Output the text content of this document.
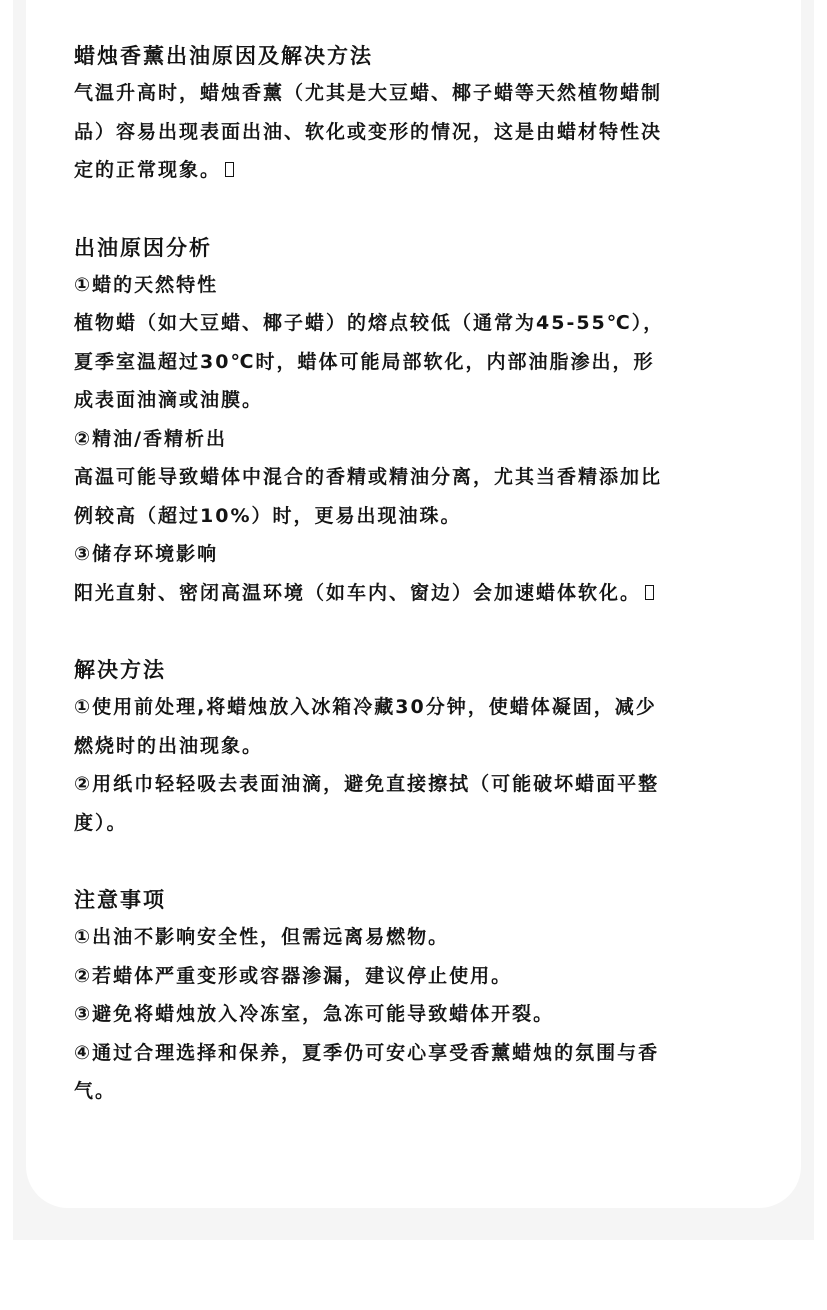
蜡烛香薰出油原因及解决方法
气温升高时，蜡烛香薰（尤其是大豆蜡、椰子蜡等天然植物蜡制
品）容易出现表面出油、软化或变形的情况，这是由蜡材特性决
定的正常现象。
出油原因分析
①蜡的天然特性
植物蜡（如大豆蜡、椰子蜡）的熔点较低（通常为45-55℃），
夏季室温超过30℃时，蜡体可能局部软化，内部油脂渗出，形
成表面油滴或油膜。
②精油/香精析出
高温可能导致蜡体中混合的香精或精油分离，尤其当香精添加比
例较高（超过10%）时，更易出现油珠。
③储存环境影响
阳光直射、密闭高温环境（如车内、窗边）会加速蜡体软化。
解决方法
①使用前处理,将蜡烛放入冰箱冷藏30分钟，使蜡体凝固，减少
燃烧时的出油现象。
②用纸巾轻轻吸去表面油滴，避免直接擦拭（可能破坏蜡面平整
度）。
注意事项
①出油不影响安全性，但需远离易燃物。
②若蜡体严重变形或容器渗漏，建议停止使用。
③避免将蜡烛放入冷冻室，急冻可能导致蜡体开裂。
④通过合理选择和保养，夏季仍可安心享受香薰蜡烛的氛围与香
气。
